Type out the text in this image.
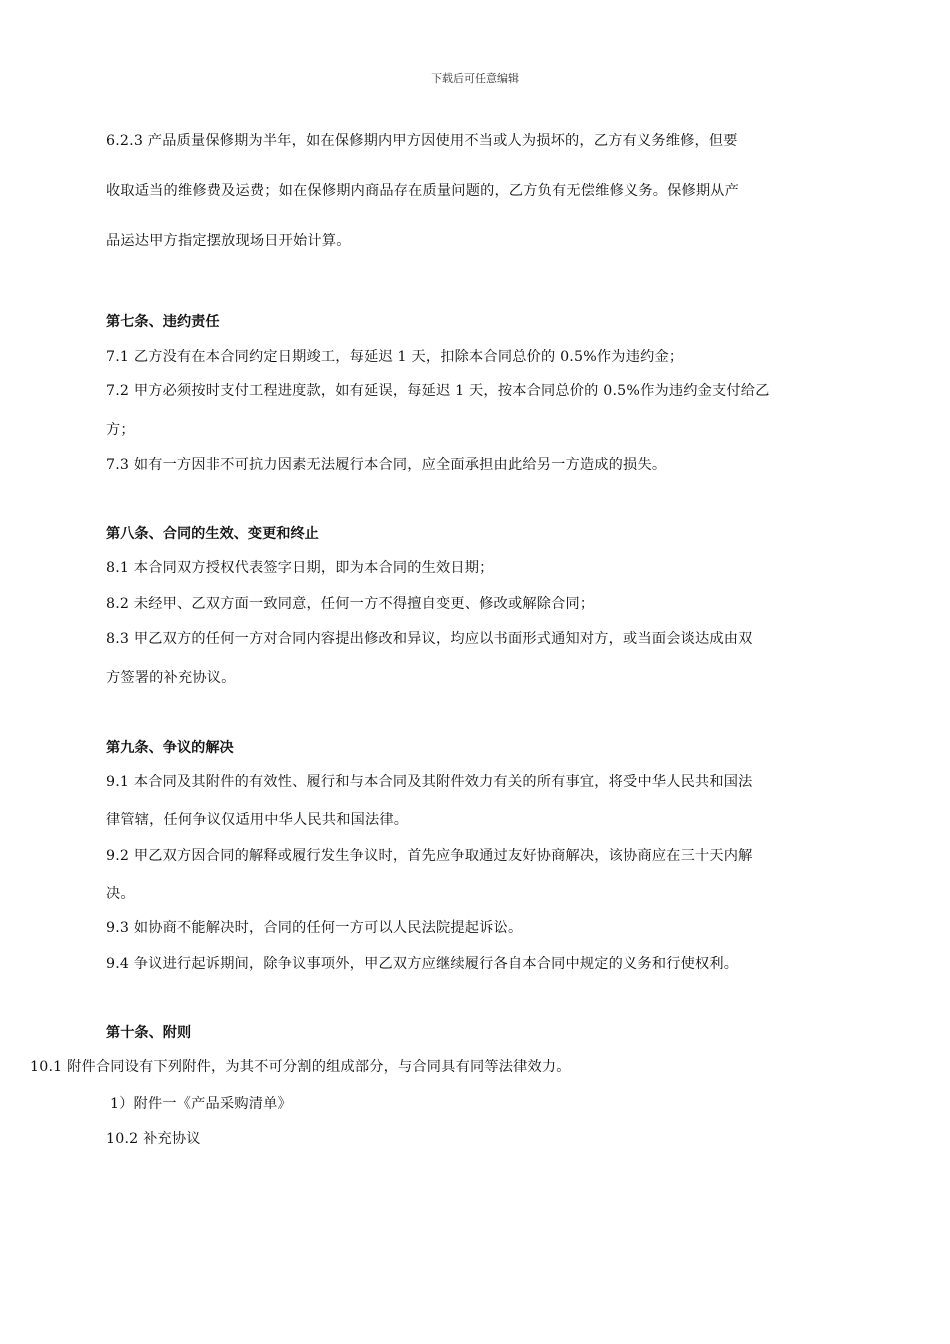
下载后可任意编辑
6.2.3 产品质量保修期为半年，如在保修期内甲方因使用不当或人为损坏的，乙方有义务维修，但要
收取适当的维修费及运费；如在保修期内商品存在质量问题的，乙方负有无偿维修义务。保修期从产
品运达甲方指定摆放现场日开始计算。
第七条、违约责任
7.1 乙方没有在本合同约定日期竣工，每延迟 1 天，扣除本合同总价的 0.5%作为违约金；
7.2 甲方必须按时支付工程进度款，如有延误，每延迟 1 天，按本合同总价的 0.5%作为违约金支付给乙
方；
7.3 如有一方因非不可抗力因素无法履行本合同，应全面承担由此给另一方造成的损失。
第八条、合同的生效、变更和终止
8.1 本合同双方授权代表签字日期，即为本合同的生效日期；
8.2 未经甲、乙双方面一致同意，任何一方不得擅自变更、修改或解除合同；
8.3 甲乙双方的任何一方对合同内容提出修改和异议，均应以书面形式通知对方，或当面会谈达成由双
方签署的补充协议。
第九条、争议的解决
9.1 本合同及其附件的有效性、履行和与本合同及其附件效力有关的所有事宜，将受中华人民共和国法
律管辖，任何争议仅适用中华人民共和国法律。
9.2 甲乙双方因合同的解释或履行发生争议时，首先应争取通过友好协商解决，该协商应在三十天内解
决。
9.3 如协商不能解决时，合同的任何一方可以人民法院提起诉讼。
9.4 争议进行起诉期间，除争议事项外，甲乙双方应继续履行各自本合同中规定的义务和行使权利。
第十条、附则
10.1 附件合同设有下列附件，为其不可分割的组成部分，与合同具有同等法律效力。
1）附件一《产品采购清单》
10.2 补充协议
